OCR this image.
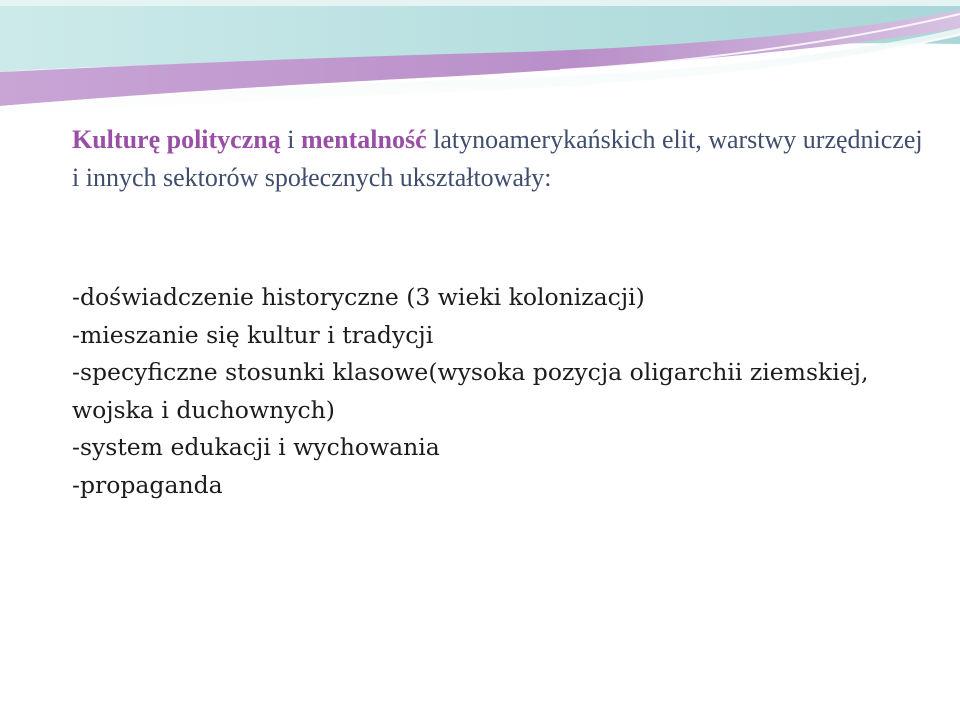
Kulturę polityczną i mentalność latynoamerykańskich elit, warstwy urzędniczej i innych sektorów społecznych ukształtowały:

-doświadczenie historyczne (3 wieki kolonizacji)
-mieszanie się kultur i tradycji
-specyficzne stosunki klasowe(wysoka pozycja oligarchii ziemskiej, wojska i duchownych)
-system edukacji i wychowania
-propaganda
